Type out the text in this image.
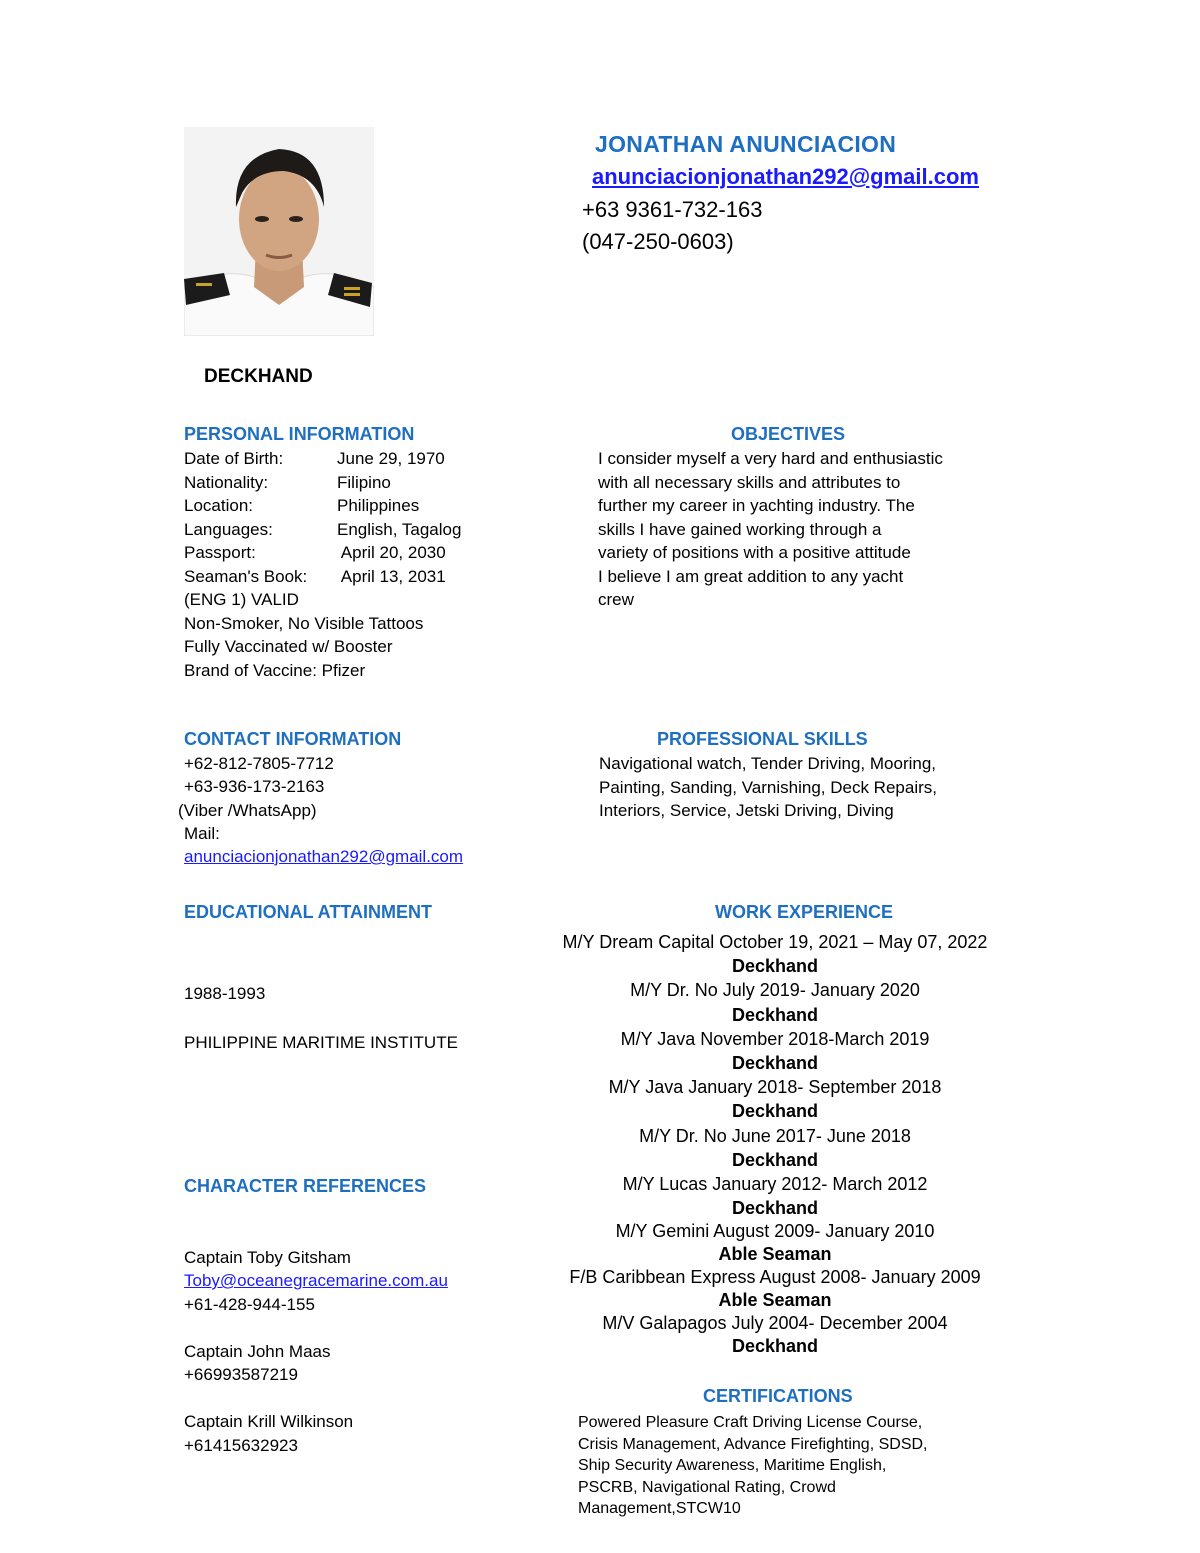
JONATHAN ANUNCIACION
anunciacionjonathan292@gmail.com
+63 9361-732-163
(047-250-0603)
DECKHAND
PERSONAL INFORMATION
Date of Birth:	June 29, 1970
Nationality:	Filipino
Location:	Philippines
Languages:	English, Tagalog
Passport:	April 20, 2030
Seaman's Book:	April 13, 2031
(ENG 1) VALID
Non-Smoker, No Visible Tattoos
Fully Vaccinated w/ Booster
Brand of Vaccine: Pfizer
OBJECTIVES
I consider myself a very hard and enthusiastic
with all necessary skills and attributes to
further my career in yachting industry. The
skills I have gained working through a
variety of positions with a positive attitude
I believe I am great addition to any yacht
crew
CONTACT INFORMATION
+62-812-7805-7712
+63-936-173-2163
(Viber /WhatsApp)
Mail:
anunciacionjonathan292@gmail.com
PROFESSIONAL SKILLS
Navigational watch, Tender Driving, Mooring,
Painting, Sanding, Varnishing, Deck Repairs,
Interiors, Service, Jetski Driving, Diving
EDUCATIONAL ATTAINMENT
1988-1993
PHILIPPINE MARITIME INSTITUTE
WORK EXPERIENCE
M/Y Dream Capital October 19, 2021 – May 07, 2022
Deckhand
M/Y Dr. No July 2019- January 2020
Deckhand
M/Y Java November 2018-March 2019
Deckhand
M/Y Java January 2018- September 2018
Deckhand
M/Y Dr. No June 2017- June 2018
Deckhand
M/Y Lucas January 2012- March 2012
Deckhand
M/Y Gemini August 2009- January 2010
Able Seaman
F/B Caribbean Express August 2008- January 2009
Able Seaman
M/V Galapagos July 2004- December 2004
Deckhand
CHARACTER REFERENCES
Captain Toby Gitsham
Toby@oceanegracemarine.com.au
+61-428-944-155
Captain John Maas
+66993587219
Captain Krill Wilkinson
+61415632923
CERTIFICATIONS
Powered Pleasure Craft Driving License Course,
Crisis Management, Advance Firefighting, SDSD,
Ship Security Awareness, Maritime English,
PSCRB, Navigational Rating, Crowd
Management,STCW10
